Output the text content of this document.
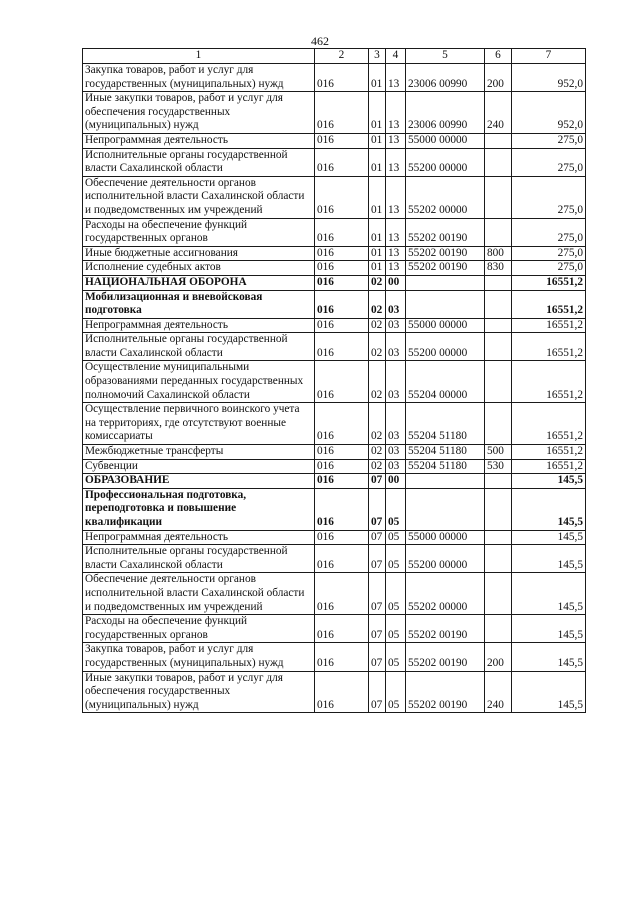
462
1	2	3	4	5	6	7
Закупка товаров, работ и услуг для государственных (муниципальных) нужд	016	01	13	23006 00990	200	952,0
Иные закупки товаров, работ и услуг для обеспечения государственных (муниципальных) нужд	016	01	13	23006 00990	240	952,0
Непрограммная деятельность	016	01	13	55000 00000		275,0
Исполнительные органы государственной власти Сахалинской области	016	01	13	55200 00000		275,0
Обеспечение деятельности органов исполнительной власти Сахалинской области и подведомственных им учреждений	016	01	13	55202 00000		275,0
Расходы на обеспечение функций государственных органов	016	01	13	55202 00190		275,0
Иные бюджетные ассигнования	016	01	13	55202 00190	800	275,0
Исполнение судебных актов	016	01	13	55202 00190	830	275,0
НАЦИОНАЛЬНАЯ ОБОРОНА	016	02	00			16551,2
Мобилизационная и вневойсковая подготовка	016	02	03			16551,2
Непрограммная деятельность	016	02	03	55000 00000		16551,2
Исполнительные органы государственной власти Сахалинской области	016	02	03	55200 00000		16551,2
Осуществление муниципальными образованиями переданных государственных полномочий Сахалинской области	016	02	03	55204 00000		16551,2
Осуществление первичного воинского учета на территориях, где отсутствуют военные комиссариаты	016	02	03	55204 51180		16551,2
Межбюджетные трансферты	016	02	03	55204 51180	500	16551,2
Субвенции	016	02	03	55204 51180	530	16551,2
ОБРАЗОВАНИЕ	016	07	00			145,5
Профессиональная подготовка, переподготовка и повышение квалификации	016	07	05			145,5
Непрограммная деятельность	016	07	05	55000 00000		145,5
Исполнительные органы государственной власти Сахалинской области	016	07	05	55200 00000		145,5
Обеспечение деятельности органов исполнительной власти Сахалинской области и подведомственных им учреждений	016	07	05	55202 00000		145,5
Расходы на обеспечение функций государственных органов	016	07	05	55202 00190		145,5
Закупка товаров, работ и услуг для государственных (муниципальных) нужд	016	07	05	55202 00190	200	145,5
Иные закупки товаров, работ и услуг для обеспечения государственных (муниципальных) нужд	016	07	05	55202 00190	240	145,5
